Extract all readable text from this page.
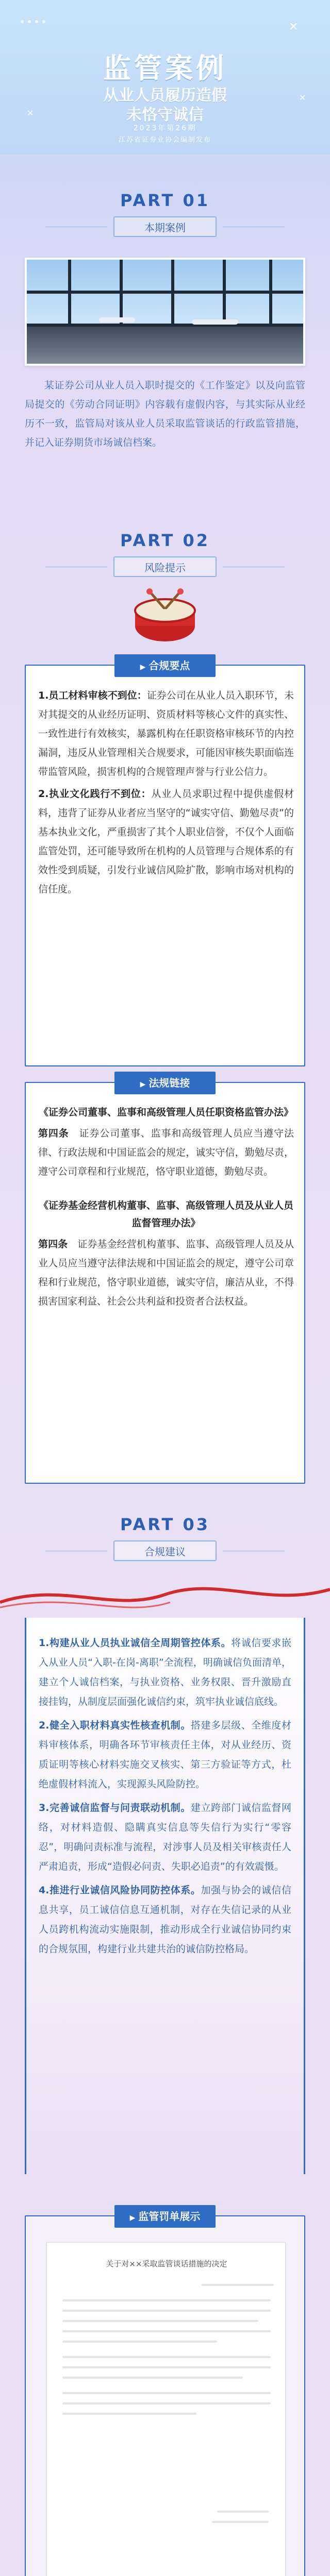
✕
✕
✕
监管案例
从业人员履历造假
未恪守诚信
2023年第26期
江苏省证券业协会编制发布
PART 01
本期案例
某证券公司从业人员入职时提交的《工作鉴定》以及向监管局提交的《劳动合同证明》内容载有虚假内容，与其实际从业经历不一致，监管局对该从业人员采取监管谈话的行政监管措施，并记入证券期货市场诚信档案。
PART 02
风险提示
▶ 合规要点
1.员工材料审核不到位：证券公司在从业人员入职环节，未对其提交的从业经历证明、资质材料等核心文件的真实性、一致性进行有效核实，暴露机构在任职资格审核环节的内控漏洞，违反从业管理相关合规要求，可能因审核失职面临连带监管风险，损害机构的合规管理声誉与行业公信力。
2.执业文化践行不到位：从业人员求职过程中提供虚假材料，违背了证券从业者应当坚守的“诚实守信、勤勉尽责”的基本执业文化，严重损害了其个人职业信誉，不仅个人面临监管处罚，还可能导致所在机构的人员管理与合规体系的有效性受到质疑，引发行业诚信风险扩散，影响市场对机构的信任度。
▶ 法规链接
《证券公司董事、监事和高级管理人员任职资格监管办法》
第四条　 证券公司董事、监事和高级管理人员应当遵守法律、行政法规和中国证监会的规定，诚实守信，勤勉尽责，遵守公司章程和行业规范，恪守职业道德，勤勉尽责。
《证券基金经营机构董事、监事、高级管理人员及从业人员监督管理办法》
第四条　 证券基金经营机构董事、监事、高级管理人员及从业人员应当遵守法律法规和中国证监会的规定，遵守公司章程和行业规范，恪守职业道德，诚实守信，廉洁从业，不得损害国家利益、社会公共利益和投资者合法权益。
PART 03
合规建议
1.构建从业人员执业诚信全周期管控体系。将诚信要求嵌入从业人员“入职-在岗-离职”全流程，明确诚信负面清单，建立个人诚信档案，与执业资格、业务权限、晋升激励直接挂钩，从制度层面强化诚信约束，筑牢执业诚信底线。
2.健全入职材料真实性核查机制。搭建多层级、全维度材料审核体系，明确各环节审核责任主体，对从业经历、资质证明等核心材料实施交叉核实、第三方验证等方式，杜绝虚假材料流入，实现源头风险防控。
3.完善诚信监督与问责联动机制。建立跨部门诚信监督网络，对材料造假、隐瞒真实信息等失信行为实行“零容忍”，明确问责标准与流程，对涉事人员及相关审核责任人严肃追责，形成“造假必问责、失职必追责”的有效震慑。
4.推进行业诚信风险协同防控体系。加强与协会的诚信信息共享，员工诚信信息互通机制，对存在失信记录的从业人员跨机构流动实施限制，推动形成全行业诚信协同约束的合规氛围，构建行业共建共治的诚信防控格局。
▶ 监管罚单展示
关于对××采取监管谈话措施的决定
